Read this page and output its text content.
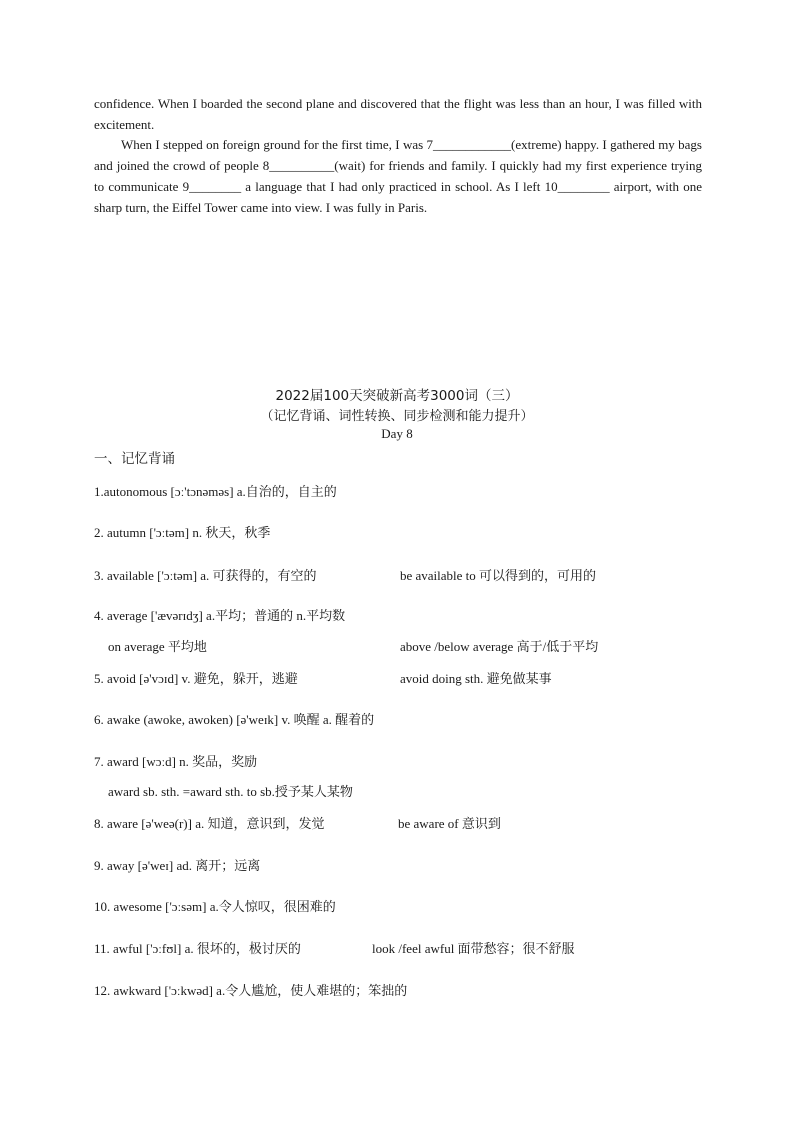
confidence. When I boarded the second plane and discovered that the flight was less than an hour, I was filled with excitement.
When I stepped on foreign ground for the first time, I was 7____________(extreme) happy. I gathered my bags and joined the crowd of people 8__________(wait) for friends and family. I quickly had my first experience trying to communicate 9________ a language that I had only practiced in school. As I left 10________ airport, with one sharp turn, the Eiffel Tower came into view. I was fully in Paris.
2022届100天突破新高考3000词（三）
（记忆背诵、词性转换、同步检测和能力提升）
Day 8
一、记忆背诵
1.autonomous [ɔː'tɔnəməs] a.自治的，自主的
2. autumn ['ɔːtəm] n. 秋天，秋季
3. available ['ɔːtəm] a. 可获得的，有空的	be available to 可以得到的，可用的
4. average ['ævərɪdʒ] a.平均；普通的 n.平均数
on average 平均地	above /below average 高于/低于平均
5. avoid [ə'vɔɪd] v. 避免，躲开，逃避	avoid doing sth. 避免做某事
6. awake (awoke, awoken) [ə'weɪk] v. 唤醒 a. 醒着的
7. award [wɔːd] n. 奖品，奖励
award sb. sth. =award sth. to sb.授予某人某物
8. aware [ə'weə(r)] a. 知道，意识到，发觉	be aware of 意识到
9. away [ə'weɪ] ad. 离开；远离
10. awesome ['ɔːsəm] a.令人惊叹，很困难的
11. awful ['ɔːfʊl] a. 很坏的，极讨厌的	look /feel awful 面带愁容；很不舒服
12. awkward ['ɔːkwəd] a.令人尴尬，使人难堪的；笨拙的
